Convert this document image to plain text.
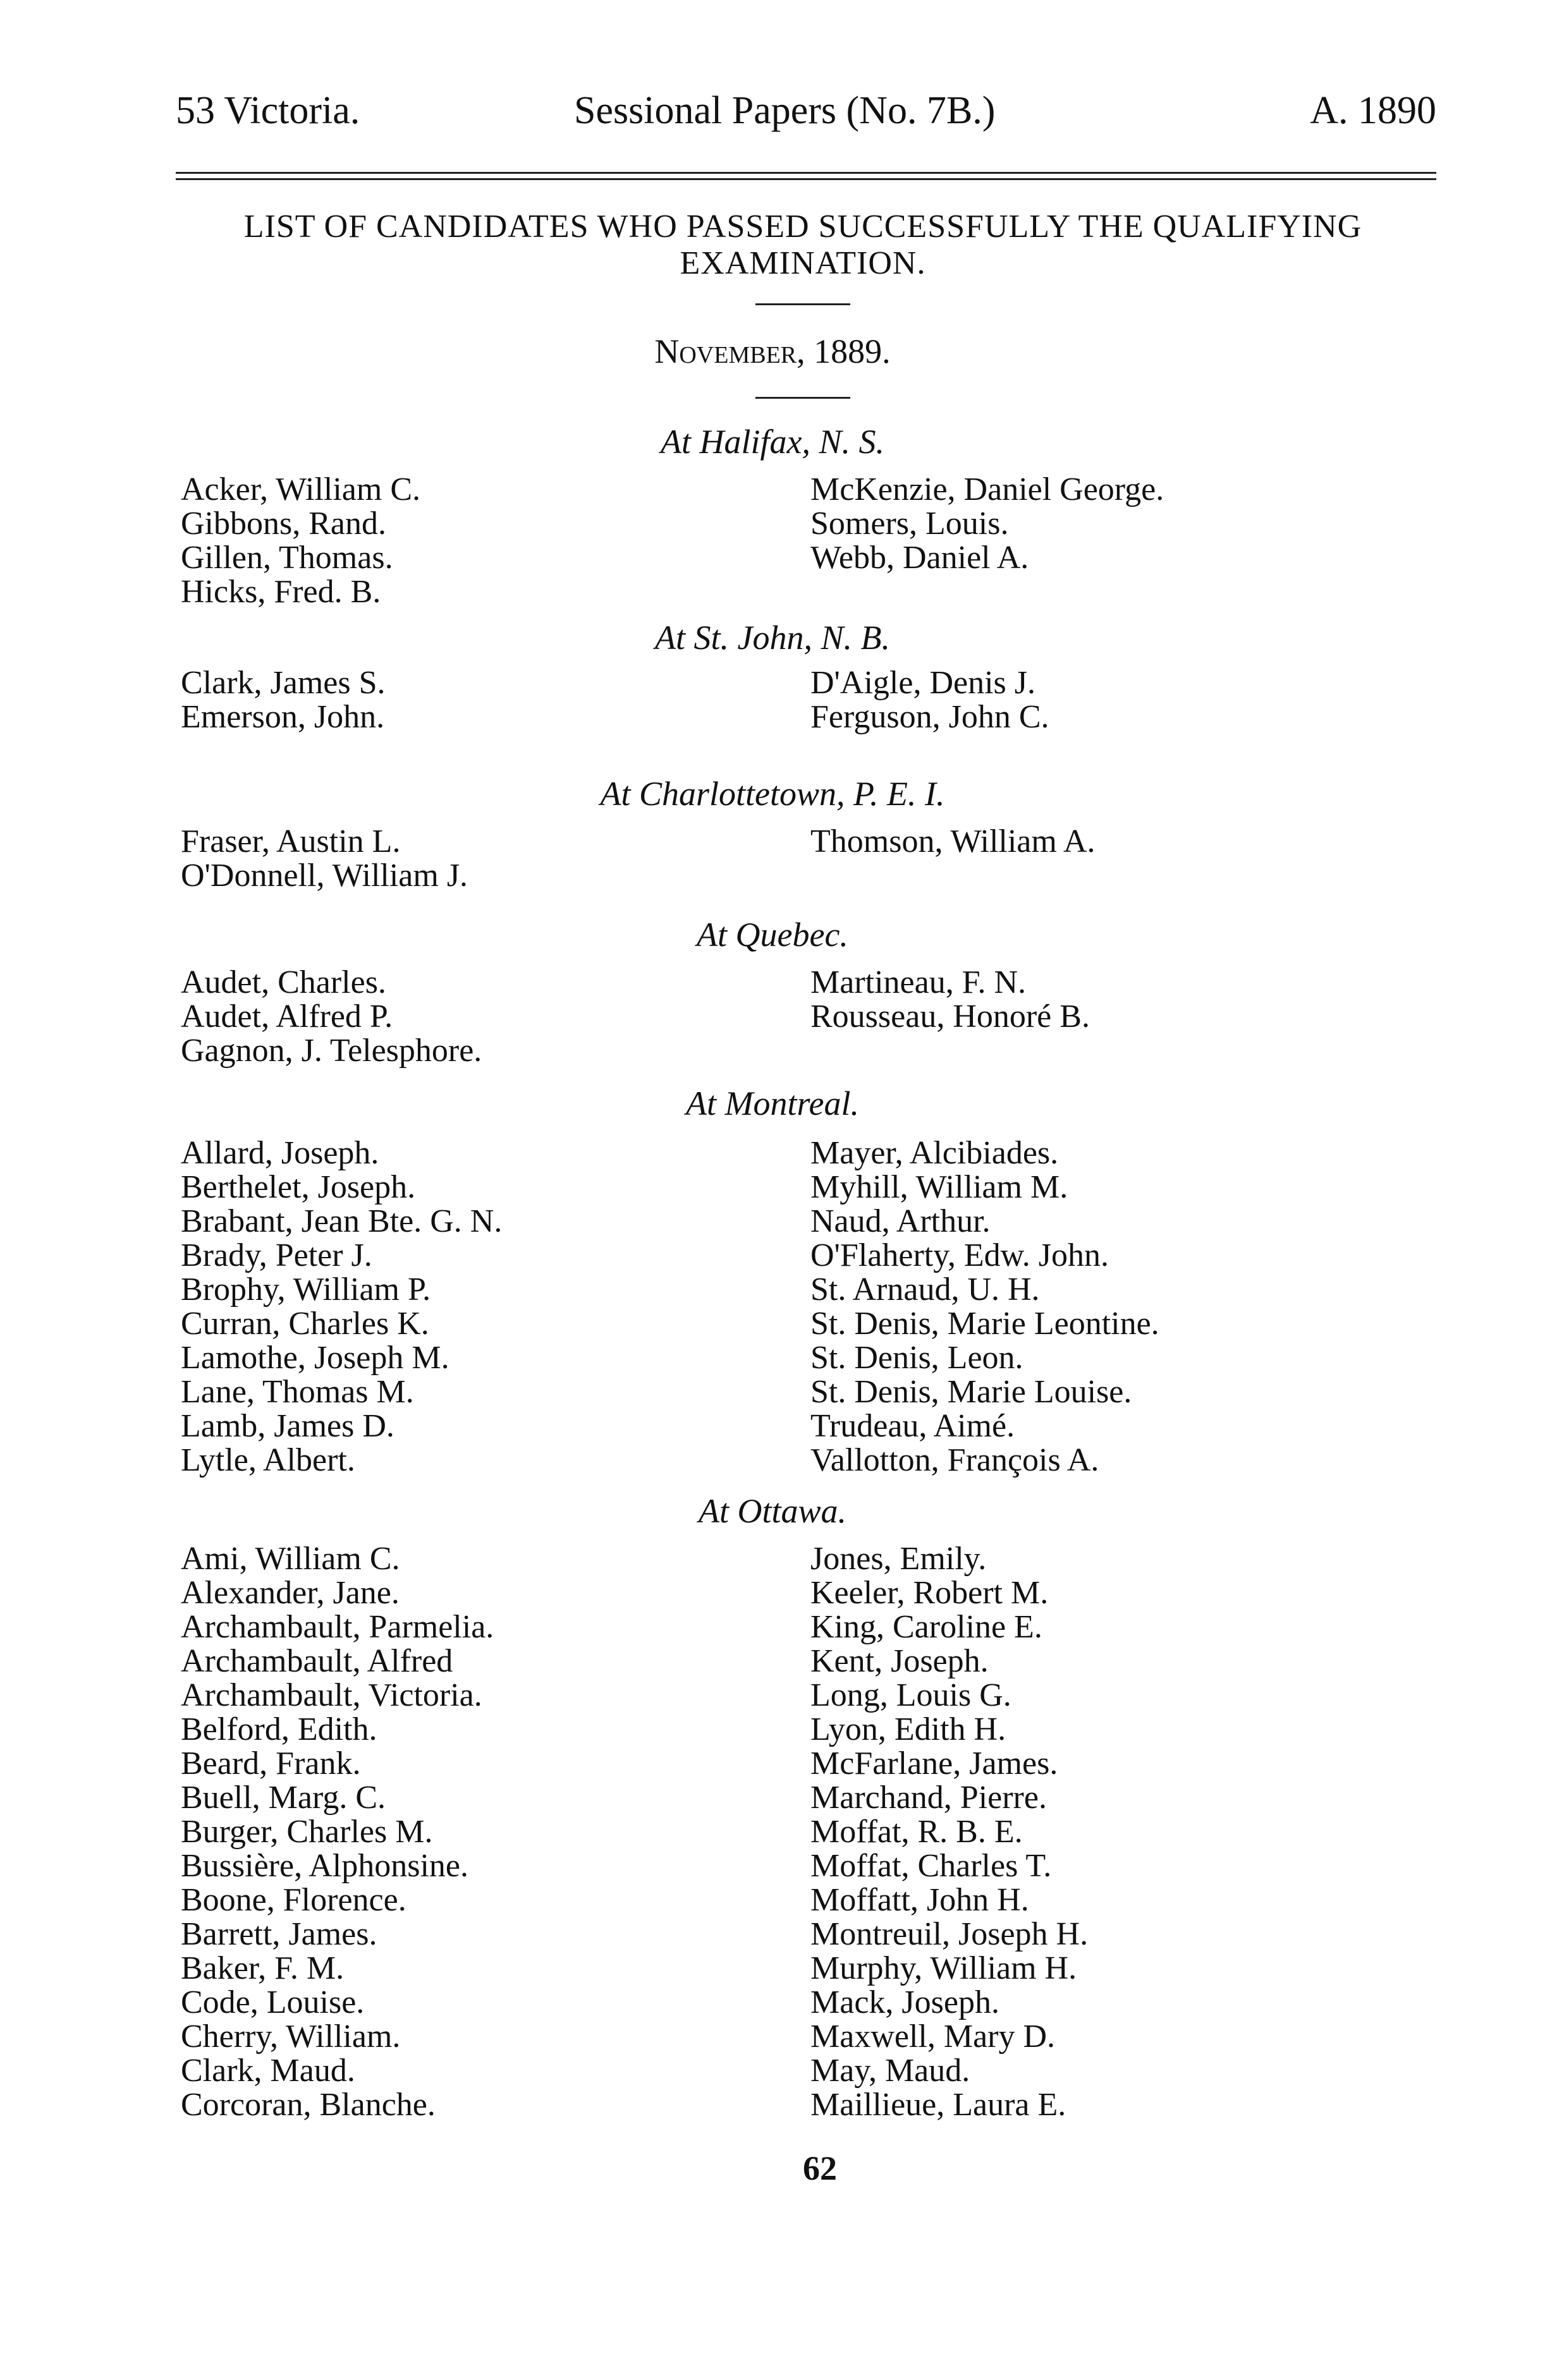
53 Victoria.	Sessional Papers (No. 7B.)	A. 1890
LIST OF CANDIDATES WHO PASSED SUCCESSFULLY THE QUALIFYING EXAMINATION.
November, 1889.
At Halifax, N. S.
Acker, William C.
Gibbons, Rand.
Gillen, Thomas.
Hicks, Fred. B.
McKenzie, Daniel George.
Somers, Louis.
Webb, Daniel A.
At St. John, N. B.
Clark, James S.
Emerson, John.
D'Aigle, Denis J.
Ferguson, John C.
At Charlottetown, P. E. I.
Fraser, Austin L.
O'Donnell, William J.
Thomson, William A.
At Quebec.
Audet, Charles.
Audet, Alfred P.
Gagnon, J. Telesphore.
Martineau, F. N.
Rousseau, Honoré B.
At Montreal.
Allard, Joseph.
Berthelet, Joseph.
Brabant, Jean Bte. G. N.
Brady, Peter J.
Brophy, William P.
Curran, Charles K.
Lamothe, Joseph M.
Lane, Thomas M.
Lamb, James D.
Lytle, Albert.
Mayer, Alcibiades.
Myhill, William M.
Naud, Arthur.
O'Flaherty, Edw. John.
St. Arnaud, U. H.
St. Denis, Marie Leontine.
St. Denis, Leon.
St. Denis, Marie Louise.
Trudeau, Aimé.
Vallotton, François A.
At Ottawa.
Ami, William C.
Alexander, Jane.
Archambault, Parmelia.
Archambault, Alfred
Archambault, Victoria.
Belford, Edith.
Beard, Frank.
Buell, Marg. C.
Burger, Charles M.
Bussière, Alphonsine.
Boone, Florence.
Barrett, James.
Baker, F. M.
Code, Louise.
Cherry, William.
Clark, Maud.
Corcoran, Blanche.
Jones, Emily.
Keeler, Robert M.
King, Caroline E.
Kent, Joseph.
Long, Louis G.
Lyon, Edith H.
McFarlane, James.
Marchand, Pierre.
Moffat, R. B. E.
Moffat, Charles T.
Moffatt, John H.
Montreuil, Joseph H.
Murphy, William H.
Mack, Joseph.
Maxwell, Mary D.
May, Maud.
Maillieue, Laura E.
62
